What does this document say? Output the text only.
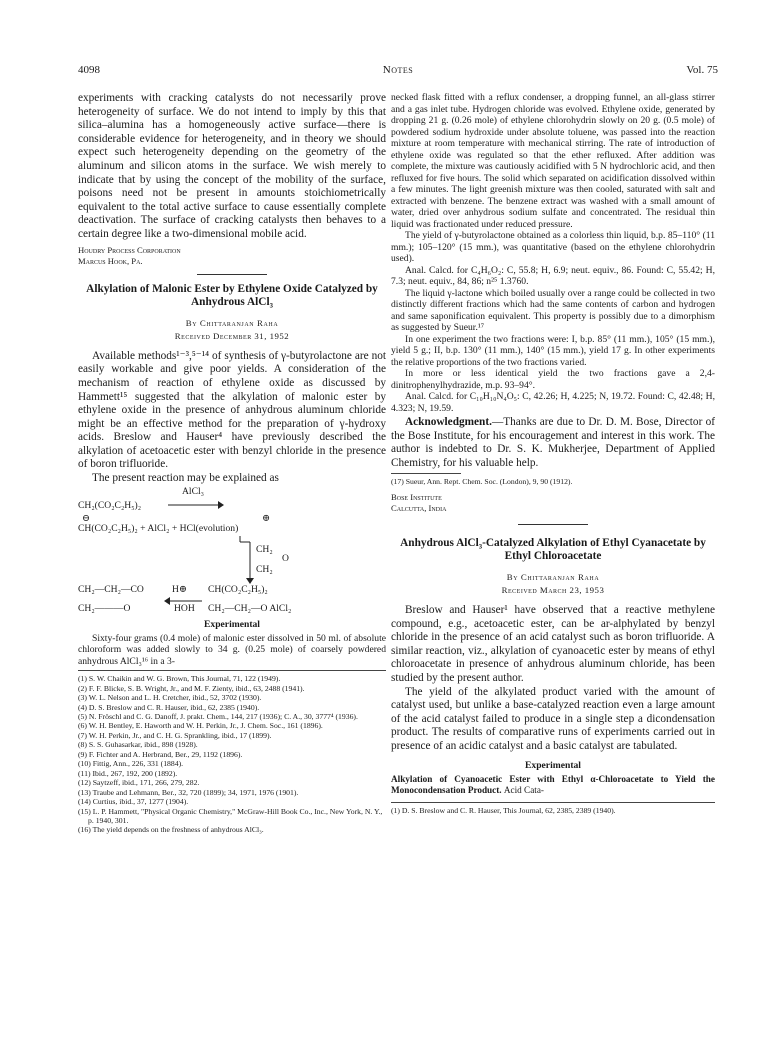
4098	Notes	Vol. 75

experiments with cracking catalysts do not necessarily prove heterogeneity of surface. We do not intend to imply by this that silica–alumina has a homogeneously active surface—there is considerable evidence for heterogeneity, and in theory we should expect such heterogeneity depending on the geometry of the aluminum and silicon atoms in the surface. We wish merely to indicate that by using the concept of the mobility of the surface, poisons need not be present in amounts stoichiometrically equivalent to the total active surface to cause essentially complete deactivation. The surface of cracking catalysts then behaves to a certain degree like a two-dimensional mobile acid.

Houdry Process Corporation
Marcus Hook, Pa.
Alkylation of Malonic Ester by Ethylene Oxide Catalyzed by Anhydrous AlCl₃
By Chittaranjan Raha
Received December 31, 1952

Available methods¹⁻³,⁵⁻¹⁴ of synthesis of γ-butyrolactone are not easily workable and give poor yields. A consideration of the mechanism of reaction of ethylene oxide as discussed by Hammett¹⁵ suggested that the alkylation of malonic ester by ethylene oxide in the presence of anhydrous aluminum chloride might be an effective method for the preparation of γ-hydroxy acids. Breslow and Hauser⁴ have previously described the alkylation of acetoacetic ester with benzyl chloride in the presence of boron trifluoride.

The present reaction may be explained as

CH₂(CO₂C₂H₅)₂
AlCl₃
⊖	⊕
CH(CO₂C₂H₅)₂ + AlCl₂ + HCl(evolution)
CH₂
O
CH₂
CH₂—CH₂—CO
CH₂———O
H⊕
HOH
CH(CO₂C₂H₅)₂
CH₂—CH₂—O AlCl₂
Experimental

Sixty-four grams (0.4 mole) of malonic ester dissolved in 50 ml. of absolute chloroform was added slowly to 34 g. (0.25 mole) of coarsely powdered anhydrous AlCl₃¹⁶ in a 3-

(1) S. W. Chaikin and W. G. Brown, This Journal, 71, 122 (1949).
(2) F. F. Blicke, S. B. Wright, Jr., and M. F. Zienty, ibid., 63, 2488 (1941).
(3) W. L. Nelson and L. H. Cretcher, ibid., 52, 3702 (1930).
(4) D. S. Breslow and C. R. Hauser, ibid., 62, 2385 (1940).
(5) N. Fröschl and C. G. Danoff, J. prakt. Chem., 144, 217 (1936); C. A., 30, 3777⁴ (1936).
(6) W. H. Bentley, E. Haworth and W. H. Perkin, Jr., J. Chem. Soc., 161 (1896).
(7) W. H. Perkin, Jr., and C. H. G. Sprankling, ibid., 17 (1899).
(8) S. S. Guhasarkar, ibid., 898 (1928).
(9) F. Fichter and A. Herbrand, Ber., 29, 1192 (1896).
(10) Fittig, Ann., 226, 331 (1884).
(11) Ibid., 267, 192, 200 (1892).
(12) Saytzeff, ibid., 171, 266, 279, 282.
(13) Traube and Lehmann, Ber., 32, 720 (1899); 34, 1971, 1976 (1901).
(14) Curtius, ibid., 37, 1277 (1904).
(15) L. P. Hammett, "Physical Organic Chemistry," McGraw-Hill Book Co., Inc., New York, N. Y., p. 1940, 301.
(16) The yield depends on the freshness of anhydrous AlCl₃.

necked flask fitted with a reflux condenser, a dropping funnel, an all-glass stirrer and a gas inlet tube. Hydrogen chloride was evolved. Ethylene oxide, generated by dropping 21 g. (0.26 mole) of ethylene chlorohydrin slowly on 20 g. (0.5 mole) of powdered sodium hydroxide under absolute toluene, was passed into the reaction mixture at room temperature with mechanical stirring. The rate of introduction of ethylene oxide was regulated so that the ether refluxed. After addition was complete, the mixture was cautiously acidified with 5 N hydrochloric acid, and then refluxed for five hours. The solid which separated on acidification dissolved within a few minutes. The light greenish mixture was then cooled, saturated with salt and extracted with benzene. The benzene extract was washed with a small amount of water, dried over anhydrous sodium sulfate and concentrated. The residual thin liquid was fractionated under reduced pressure.

The yield of γ-butyrolactone obtained as a colorless thin liquid, b.p. 85–110° (11 mm.); 105–120° (15 mm.), was quantitative (based on the ethylene chlorohydrin used).

Anal. Calcd. for C₄H₆O₂: C, 55.8; H, 6.9; neut. equiv., 86. Found: C, 55.42; H, 7.3; neut. equiv., 84, 86; n²⁵ 1.3760.

The liquid γ-lactone which boiled usually over a range could be collected in two distinctly different fractions which had the same contents of carbon and hydrogen and same saponification equivalent. This property is possibly due to a dimorphism as suggested by Sueur.¹⁷

In one experiment the two fractions were: I, b.p. 85° (11 mm.), 105° (15 mm.), yield 5 g.; II, b.p. 130° (11 mm.), 140° (15 mm.), yield 17 g. In other experiments the relative proportions of the two fractions varied.

In more or less identical yield the two fractions gave a 2,4-dinitrophenylhydrazide, m.p. 93–94°.

Anal. Calcd. for C₁₀H₁₀N₄O₅: C, 42.26; H, 4.225; N, 19.72. Found: C, 42.48; H, 4.323; N, 19.59.

Acknowledgment.—Thanks are due to Dr. D. M. Bose, Director of the Bose Institute, for his encouragement and interest in this work. The author is indebted to Dr. S. K. Mukherjee, Department of Applied Chemistry, for his valuable help.

(17) Sueur, Ann. Rept. Chem. Soc. (London), 9, 90 (1912).
Bose Institute
Calcutta, India
Anhydrous AlCl₃-Catalyzed Alkylation of Ethyl Cyanacetate by Ethyl Chloroacetate
By Chittaranjan Raha
Received March 23, 1953

Breslow and Hauser¹ have observed that a reactive methylene compound, e.g., acetoacetic ester, can be ar-alphylated by benzyl chloride in the presence of an acid catalyst such as boron trifluoride. A similar reaction, viz., alkylation of cyanoacetic ester by means of ethyl chloroacetate in presence of anhydrous aluminum chloride, has been studied by the present author.

The yield of the alkylated product varied with the amount of catalyst used, but unlike a base-catalyzed reaction even a large amount of the acid catalyst failed to produce in a single step a dicondensation product. The results of comparative runs of experiments carried out in presence of an acidic catalyst and a basic catalyst are tabulated.

Experimental

Alkylation of Cyanoacetic Ester with Ethyl α-Chloroacetate to Yield the Monocondensation Product. Acid Cata-

(1) D. S. Breslow and C. R. Hauser, This Journal, 62, 2385, 2389 (1940).
